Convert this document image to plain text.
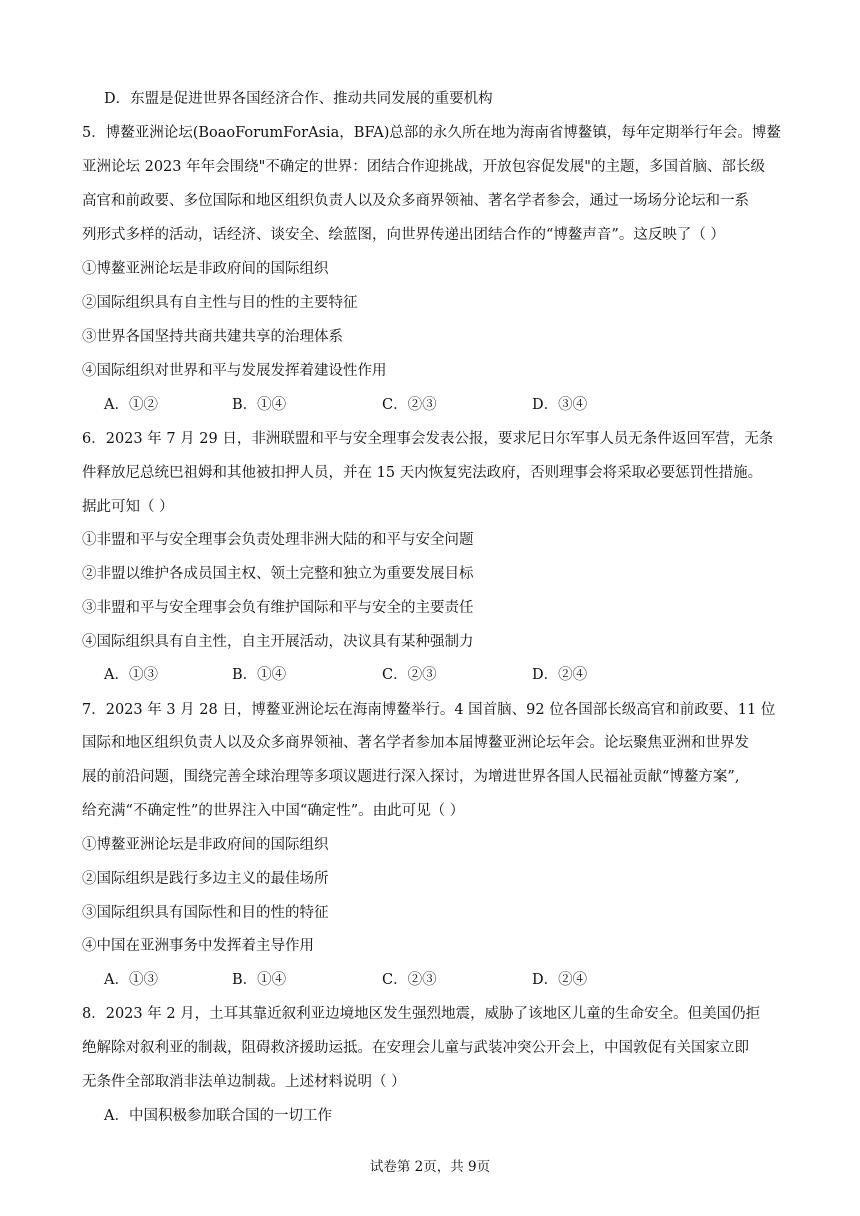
D．东盟是促进世界各国经济合作、推动共同发展的重要机构
5．博鳌亚洲论坛(BoaoForumForAsia，BFA)总部的永久所在地为海南省博鳌镇，每年定期举行年会。博鳌
亚洲论坛 2023 年年会围绕"不确定的世界：团结合作迎挑战，开放包容促发展"的主题，多国首脑、部长级
高官和前政要、多位国际和地区组织负责人以及众多商界领袖、著名学者参会，通过一场场分论坛和一系
列形式多样的活动，话经济、谈安全、绘蓝图，向世界传递出团结合作的“博鳌声音”。这反映了（ ）
①博鳌亚洲论坛是非政府间的国际组织
②国际组织具有自主性与目的性的主要特征
③世界各国坚持共商共建共享的治理体系
④国际组织对世界和平与发展发挥着建设性作用
A．①②	B．①④	C．②③	D．③④
6．2023 年 7 月 29 日，非洲联盟和平与安全理事会发表公报，要求尼日尔军事人员无条件返回军营，无条
件释放尼总统巴祖姆和其他被扣押人员，并在 15 天内恢复宪法政府，否则理事会将采取必要惩罚性措施。
据此可知（ ）
①非盟和平与安全理事会负责处理非洲大陆的和平与安全问题
②非盟以维护各成员国主权、领土完整和独立为重要发展目标
③非盟和平与安全理事会负有维护国际和平与安全的主要责任
④国际组织具有自主性，自主开展活动，决议具有某种强制力
A．①③	B．①④	C．②③	D．②④
7．2023 年 3 月 28 日，博鳌亚洲论坛在海南博鳌举行。4 国首脑、92 位各国部长级高官和前政要、11 位
国际和地区组织负责人以及众多商界领袖、著名学者参加本届博鳌亚洲论坛年会。论坛聚焦亚洲和世界发
展的前沿问题，围绕完善全球治理等多项议题进行深入探讨，为增进世界各国人民福祉贡献“博鳌方案”,
给充满“不确定性”的世界注入中国“确定性”。由此可见（ ）
①博鳌亚洲论坛是非政府间的国际组织
②国际组织是践行多边主义的最佳场所
③国际组织具有国际性和目的性的特征
④中国在亚洲事务中发挥着主导作用
A．①③	B．①④	C．②③	D．②④
8．2023 年 2 月，土耳其靠近叙利亚边境地区发生强烈地震，威胁了该地区儿童的生命安全。但美国仍拒
绝解除对叙利亚的制裁，阻碍救济援助运抵。在安理会儿童与武装冲突公开会上，中国敦促有关国家立即
无条件全部取消非法单边制裁。上述材料说明（ ）
A．中国积极参加联合国的一切工作
试卷第 2页，共 9页
